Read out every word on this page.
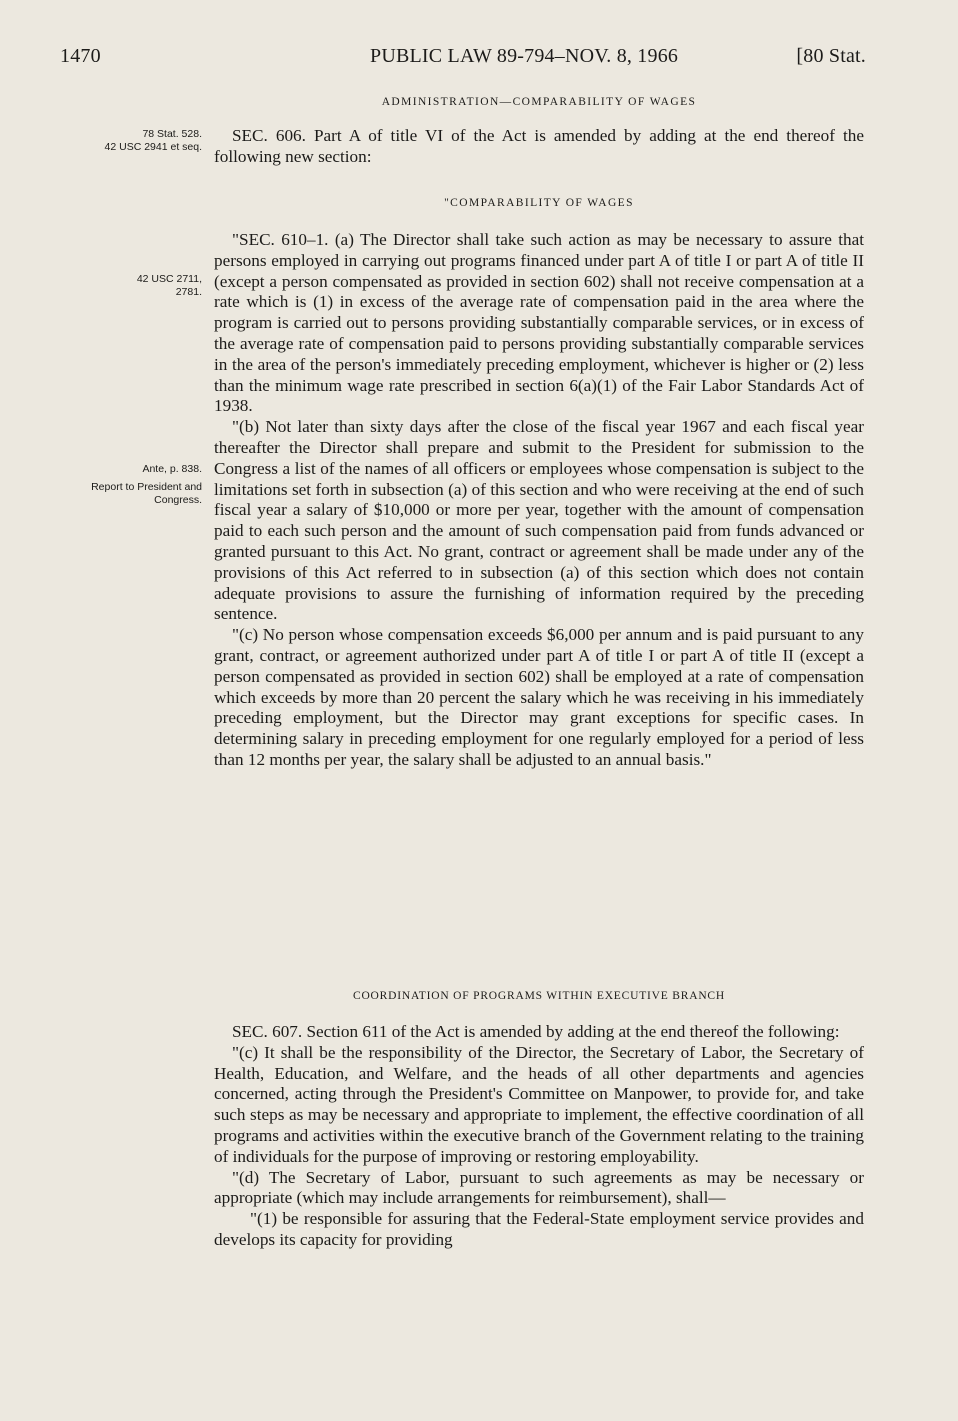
1470	PUBLIC LAW 89-794–NOV. 8, 1966	[80 Stat.
ADMINISTRATION—COMPARABILITY OF WAGES
78 Stat. 528.
42 USC 2941 et seq.

SEC. 606. Part A of title VI of the Act is amended by adding at the end thereof the following new section:

"COMPARABILITY OF WAGES
42 USC 2711,
2781.
Ante, p. 838.
Report to President and Congress.

"SEC. 610–1. (a) The Director shall take such action as may be necessary to assure that persons employed in carrying out programs financed under part A of title I or part A of title II (except a person compensated as provided in section 602) shall not receive compensation at a rate which is (1) in excess of the average rate of compensation paid in the area where the program is carried out to persons providing substantially comparable services, or in excess of the average rate of compensation paid to persons providing substantially comparable services in the area of the person's immediately preceding employment, whichever is higher or (2) less than the minimum wage rate prescribed in section 6(a)(1) of the Fair Labor Standards Act of 1938.

"(b) Not later than sixty days after the close of the fiscal year 1967 and each fiscal year thereafter the Director shall prepare and submit to the President for submission to the Congress a list of the names of all officers or employees whose compensation is subject to the limitations set forth in subsection (a) of this section and who were receiving at the end of such fiscal year a salary of $10,000 or more per year, together with the amount of compensation paid to each such person and the amount of such compensation paid from funds advanced or granted pursuant to this Act. No grant, contract or agreement shall be made under any of the provisions of this Act referred to in subsection (a) of this section which does not contain adequate provisions to assure the furnishing of information required by the preceding sentence.

"(c) No person whose compensation exceeds $6,000 per annum and is paid pursuant to any grant, contract, or agreement authorized under part A of title I or part A of title II (except a person compensated as provided in section 602) shall be employed at a rate of compensation which exceeds by more than 20 percent the salary which he was receiving in his immediately preceding employment, but the Director may grant exceptions for specific cases. In determining salary in preceding employment for one regularly employed for a period of less than 12 months per year, the salary shall be adjusted to an annual basis."

COORDINATION OF PROGRAMS WITHIN EXECUTIVE BRANCH

SEC. 607. Section 611 of the Act is amended by adding at the end thereof the following:

"(c) It shall be the responsibility of the Director, the Secretary of Labor, the Secretary of Health, Education, and Welfare, and the heads of all other departments and agencies concerned, acting through the President's Committee on Manpower, to provide for, and take such steps as may be necessary and appropriate to implement, the effective coordination of all programs and activities within the executive branch of the Government relating to the training of individuals for the purpose of improving or restoring employability.

"(d) The Secretary of Labor, pursuant to such agreements as may be necessary or appropriate (which may include arrangements for reimbursement), shall—

"(1) be responsible for assuring that the Federal-State employment service provides and develops its capacity for providing
